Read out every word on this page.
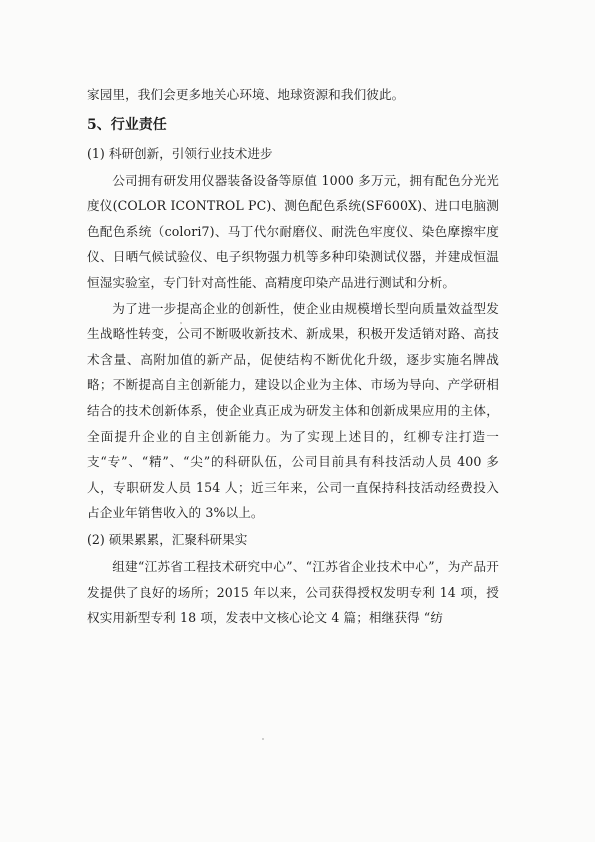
家园里，我们会更多地关心环境、地球资源和我们彼此。

5、行业责任

(1) 科研创新，引领行业技术进步

公司拥有研发用仪器装备设备等原值 1000 多万元，拥有配色分光光度仪(COLOR ICONTROL PC)、测色配色系统(SF600X)、进口电脑测色配色系统（colori7)、马丁代尔耐磨仪、耐洗色牢度仪、染色摩擦牢度仪、日晒气候试验仪、电子织物强力机等多种印染测试仪器，并建成恒温恒湿实验室，专门针对高性能、高精度印染产品进行测试和分析。

为了进一步提高企业的创新性，使企业由规模增长型向质量效益型发生战略性转变，公司不断吸收新技术、新成果，积极开发适销对路、高技术含量、高附加值的新产品，促使结构不断优化升级，逐步实施名牌战略；不断提高自主创新能力，建设以企业为主体、市场为导向、产学研相结合的技术创新体系，使企业真正成为研发主体和创新成果应用的主体，全面提升企业的自主创新能力。为了实现上述目的，红柳专注打造一支“专”、“精”、“尖”的科研队伍，公司目前具有科技活动人员 400 多人，专职研发人员 154 人；近三年来，公司一直保持科技活动经费投入占企业年销售收入的 3%以上。

(2) 硕果累累，汇聚科研果实

组建“江苏省工程技术研究中心”、“江苏省企业技术中心”，为产品开发提供了良好的场所；2015 年以来，公司获得授权发明专利 14 项，授权实用新型专利 18 项，发表中文核心论文 4 篇；相继获得 “纺
